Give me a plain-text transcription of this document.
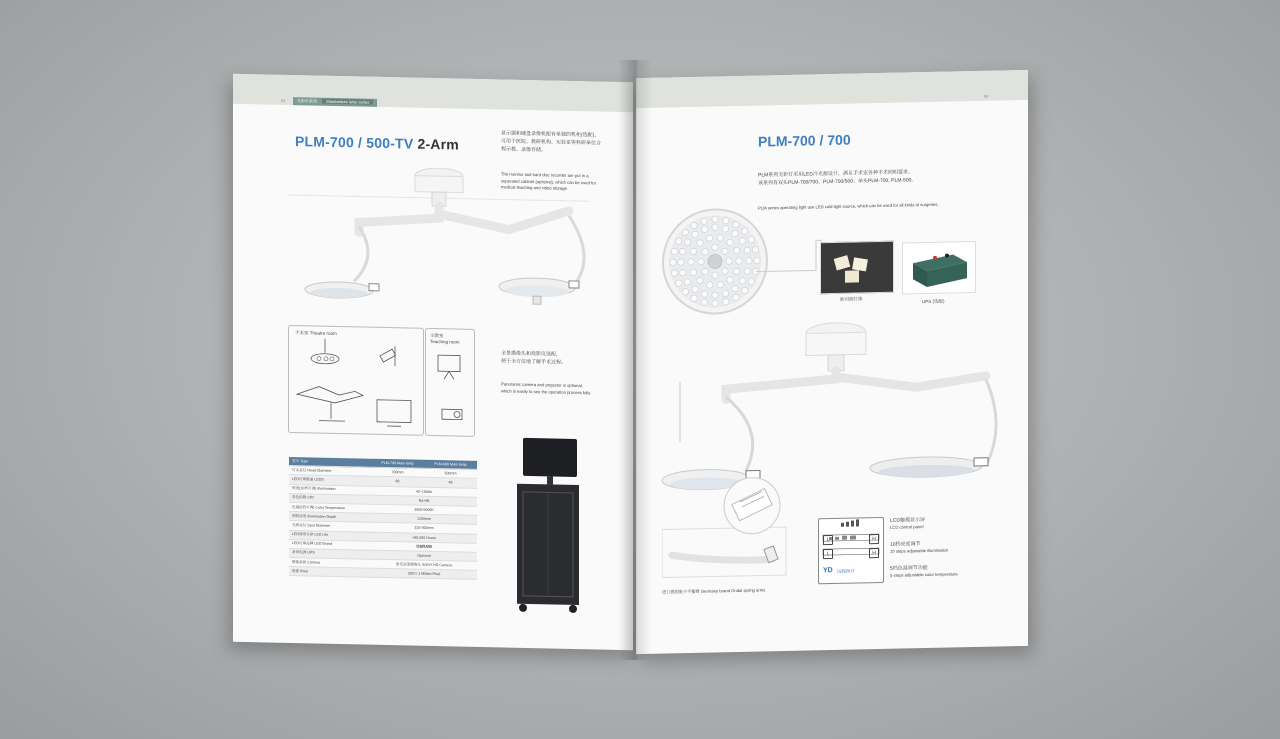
03	无影灯系列 Shadowless lamp series
PLM-700 / 500-TV 2-Arm
显示器和硬盘录像机配有单独的机柜(选配)，
可用于医院、教研机构、实验室等科研单位合
程示教、录像存储。
The monitor and hard disc recorder are put in a
seperated cabinet (optional), which can be used for
medical teaching and video storage.
手术室 Theatre room	示教室
Teaching room
全景摄像头和投影仪选配，
便于全方位地了解手术过程。
Panoramic camera and projector is optional,
which is easily to see the operation process fully.
型号 Type	PLM-700 Main lamp	PLM-500 Main lamp
灯头直径 Head Diameter	700mm	500mm
LED灯珠数量 LEDS	80	48
照度(10档可调) Illumination	40~160klx	
显色指数 CRI	Ra>96	
色温(5档可调) Color Temperature	3500-5000K	
照明深度 Illumination Depth	1200mm	
光斑直径 Spot Diameter	120-300mm	
LED使用寿命 LED Life	>60,000 Hours	
LED灯珠品牌 LED Brand	OSRAM	
备用电源 UPS	Optional	
摄像系统 Camera	索尼高清摄像头 SONY HD Camera	
像素 Pixel	300万 3 Million Pixel	
04
PLM-700 / 700
PLM系列无影灯采用LED冷光源设计，满足手术室各种手术照明要求。
该系列有双头PLM-700/700、PLM-700/500；单头PLM-700, PLM-500。
PLM series operating light use LED cold light source, which can be used for all kinds of surgeries.
欧司朗灯珠	UPS (选配)
进口德国奥卡平衡臂 Germany brand Ondal spring arms
L	H
L	H
YD 远程医疗
LCD触摸显示屏
LCD control panel
10档亮度调节
10 steps adjustable illumination
5档色温调节功能
5 steps adjustable color temperature
